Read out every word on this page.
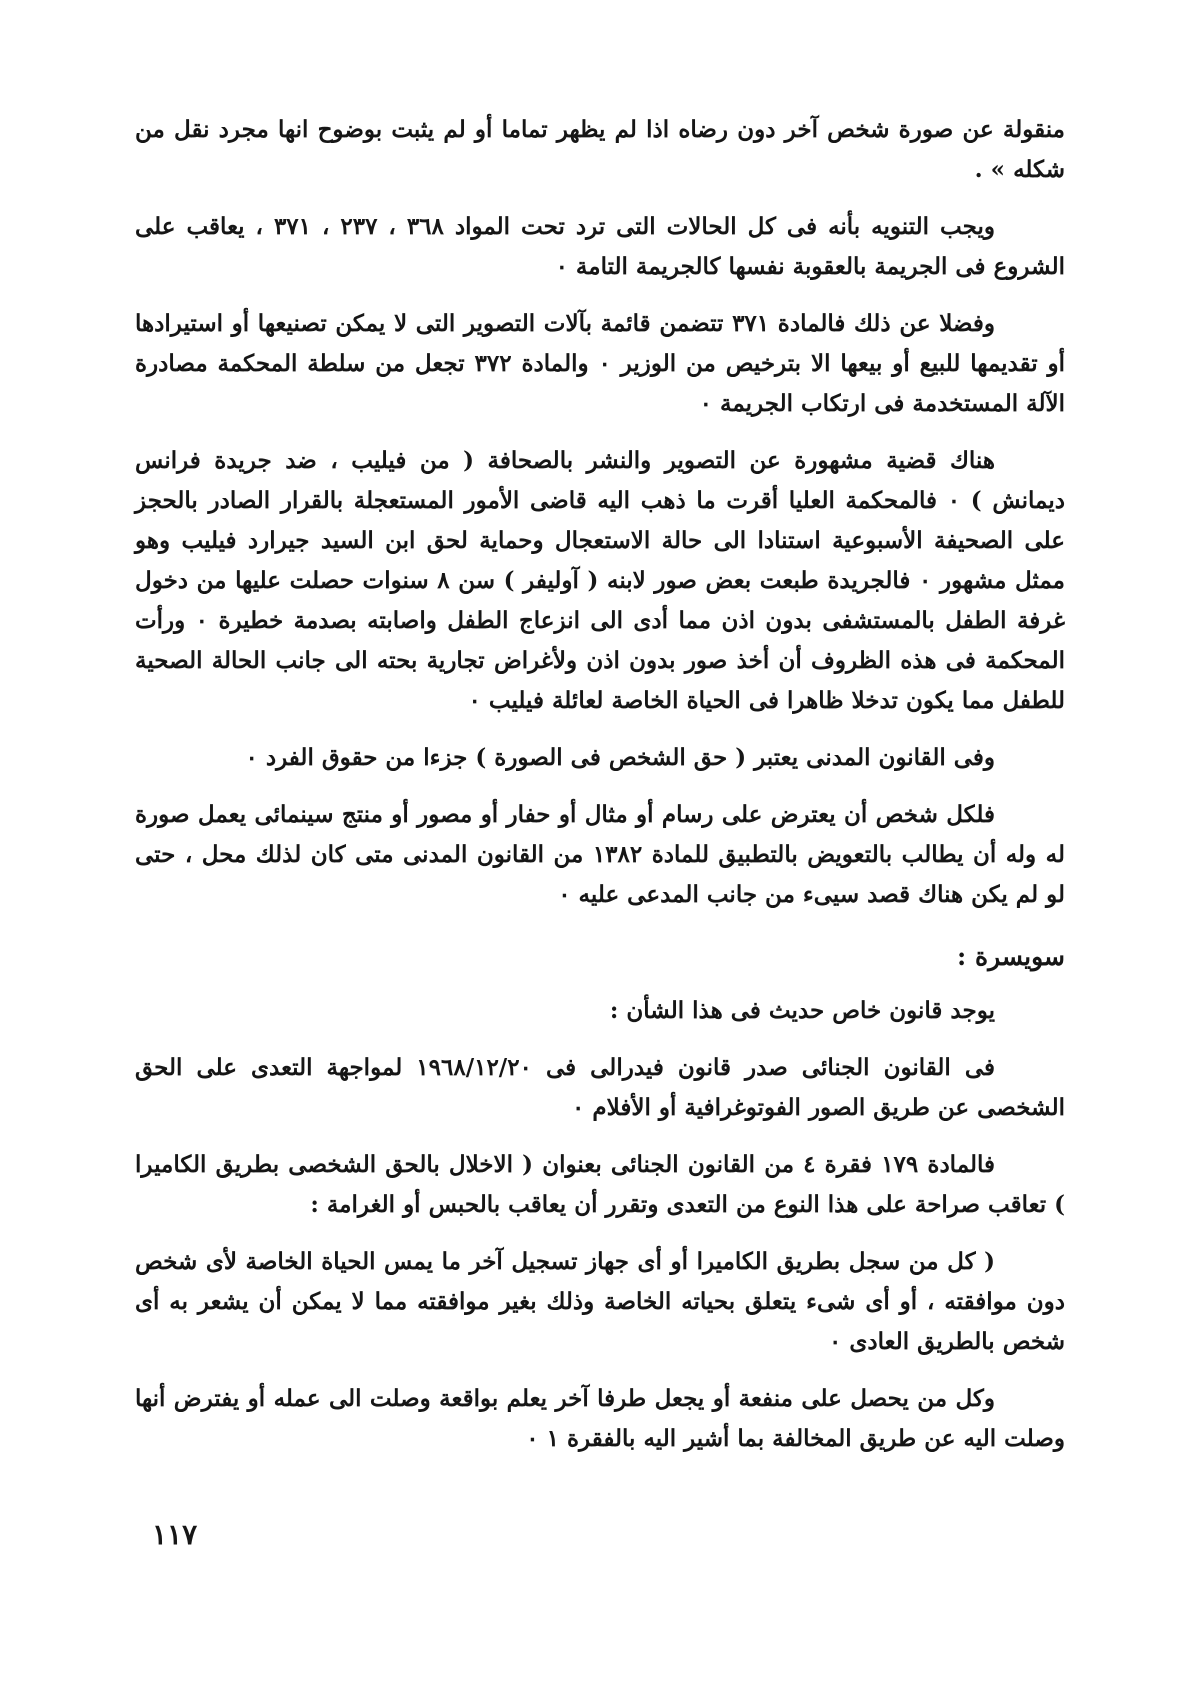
منقولة عن صورة شخص آخر دون رضاه اذا لم يظهر تماما أو لم يثبت بوضوح انها مجرد نقل من شكله » .

ويجب التنويه بأنه فى كل الحالات التى ترد تحت المواد ٣٦٨ ، ٢٣٧ ، ٣٧١ ، يعاقب على الشروع فى الجريمة بالعقوبة نفسها كالجريمة التامة ٠

وفضلا عن ذلك فالمادة ٣٧١ تتضمن قائمة بآلات التصوير التى لا يمكن تصنيعها أو استيرادها أو تقديمها للبيع أو بيعها الا بترخيص من الوزير ٠ والمادة ٣٧٢ تجعل من سلطة المحكمة مصادرة الآلة المستخدمة فى ارتكاب الجريمة ٠

هناك قضية مشهورة عن التصوير والنشر بالصحافة ( من فيليب ، ضد جريدة فرانس ديمانش ) ٠ فالمحكمة العليا أقرت ما ذهب اليه قاضى الأمور المستعجلة بالقرار الصادر بالحجز على الصحيفة الأسبوعية استنادا الى حالة الاستعجال وحماية لحق ابن السيد جيرارد فيليب وهو ممثل مشهور ٠ فالجريدة طبعت بعض صور لابنه ( آوليفر ) سن ٨ سنوات حصلت عليها من دخول غرفة الطفل بالمستشفى بدون اذن مما أدى الى انزعاج الطفل واصابته بصدمة خطيرة ٠ ورأت المحكمة فى هذه الظروف أن أخذ صور بدون اذن ولأغراض تجارية بحته الى جانب الحالة الصحية للطفل مما يكون تدخلا ظاهرا فى الحياة الخاصة لعائلة فيليب ٠

وفى القانون المدنى يعتبر ( حق الشخص فى الصورة ) جزءا من حقوق الفرد ٠

فلكل شخص أن يعترض على رسام أو مثال أو حفار أو مصور أو منتج سينمائى يعمل صورة له وله أن يطالب بالتعويض بالتطبيق للمادة ١٣٨٢ من القانون المدنى متى كان لذلك محل ، حتى لو لم يكن هناك قصد سيىء من جانب المدعى عليه ٠

سويسرة :

يوجد قانون خاص حديث فى هذا الشأن :

فى القانون الجنائى صدر قانون فيدرالى فى ١٩٦٨/١٢/٢٠ لمواجهة التعدى على الحق الشخصى عن طريق الصور الفوتوغرافية أو الأفلام ٠

فالمادة ١٧٩ فقرة ٤ من القانون الجنائى بعنوان ( الاخلال بالحق الشخصى بطريق الكاميرا ) تعاقب صراحة على هذا النوع من التعدى وتقرر أن يعاقب بالحبس أو الغرامة :

( كل من سجل بطريق الكاميرا أو أى جهاز تسجيل آخر ما يمس الحياة الخاصة لأى شخص دون موافقته ، أو أى شىء يتعلق بحياته الخاصة وذلك بغير موافقته مما لا يمكن أن يشعر به أى شخص بالطريق العادى ٠

وكل من يحصل على منفعة أو يجعل طرفا آخر يعلم بواقعة وصلت الى عمله أو يفترض أنها وصلت اليه عن طريق المخالفة بما أشير اليه بالفقرة ١ ٠

١١٧
